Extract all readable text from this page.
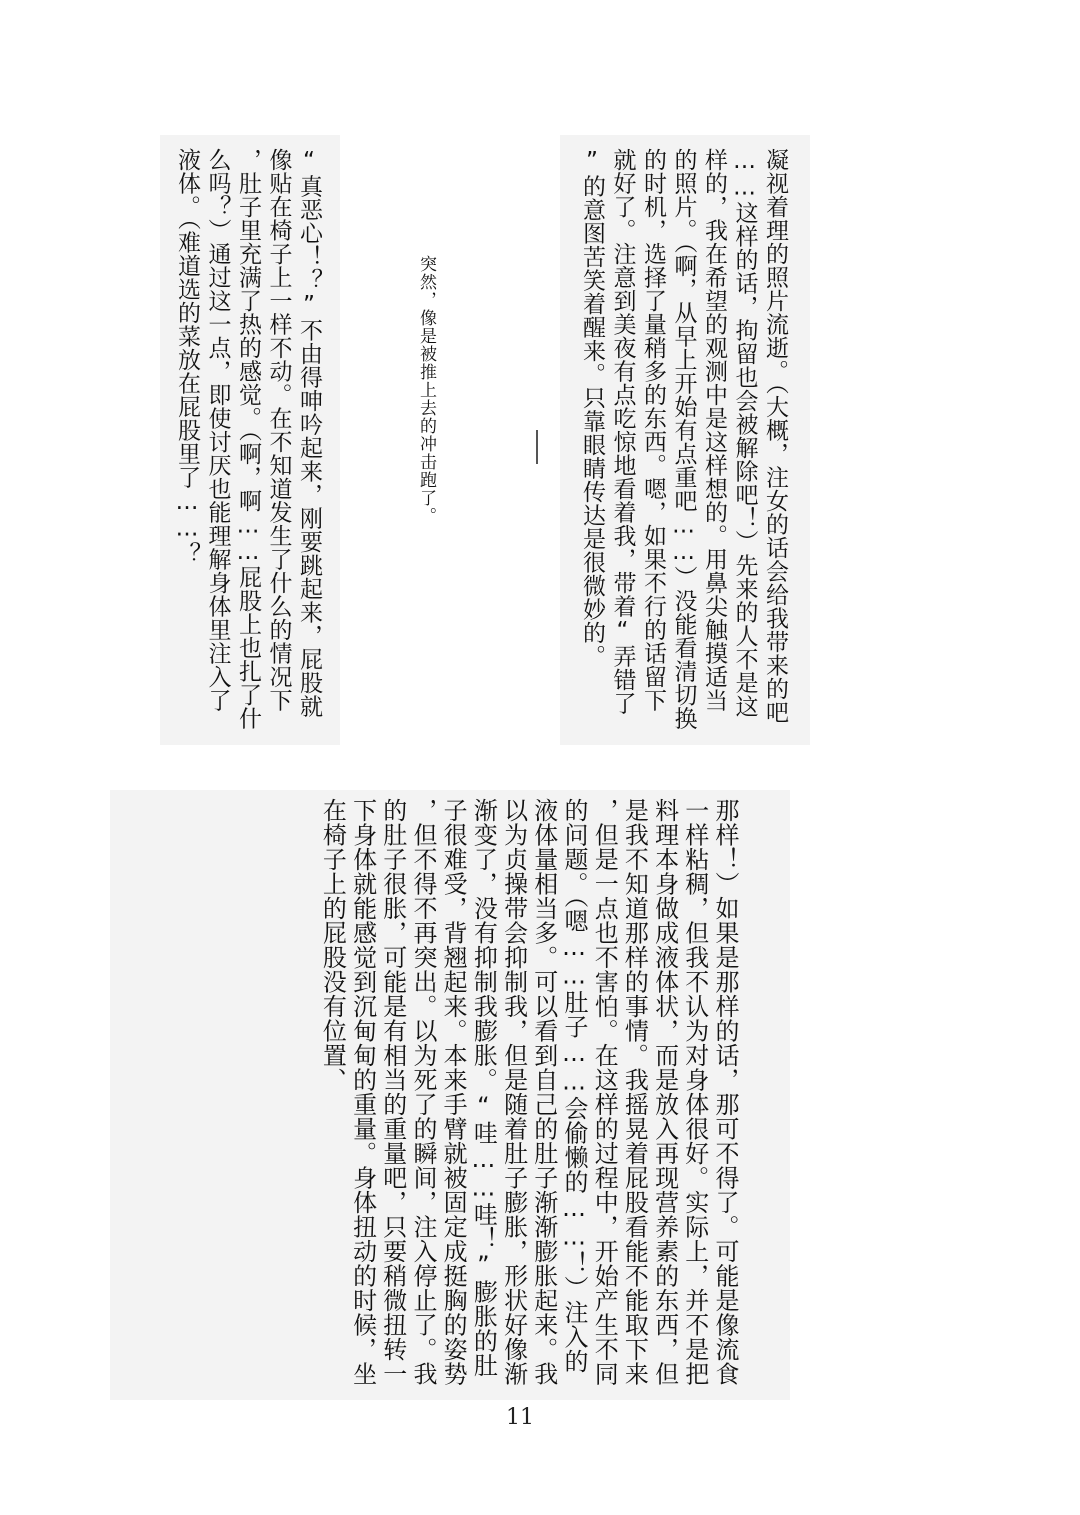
凝视着理的照片流逝。（大概，注女的话会给我带来的吧……这样的话，拘留也会被解除吧！）先来的人不是这样的，我在希望的观测中是这样想的。用鼻尖触摸适当的照片。（啊，从早上开始有点重吧……）没能看清切换的时机，选择了量稍多的东西。嗯，如果不行的话留下就好了。注意到美夜有点吃惊地看着我，带着“弄错了”的意图苦笑着醒来。只靠眼睛传达是很微妙的。

突然，像是被推上去的冲击跑了。

“真恶心！？”不由得呻吟起来，刚要跳起来，屁股就像贴在椅子上一样不动。在不知道发生了什么的情况下，肚子里充满了热的感觉。（啊，啊……屁股上也扎了什么吗？）通过这一点，即使讨厌也能理解身体里注入了液体。（难道选的菜放在屁股里了……？

那样！）如果是那样的话，那可不得了。可能是像流食一样粘稠，但我不认为对身体很好。实际上，并不是把料理本身做成液体状，而是放入再现营养素的东西，但是我不知道那样的事情。我摇晃着屁股看能不能取下来，但是一点也不害怕。在这样的过程中，开始产生不同的问题。（嗯……肚子……会偷懒的……！）注入的液体量相当多。可以看到自己的肚子渐渐膨胀起来。我以为贞操带会抑制我，但是随着肚子膨胀，形状好像渐渐变了，没有抑制我膨胀。“哇……哇！”膨胀的肚子很难受，背翘起来。本来手臂就被固定成挺胸的姿势，但不得不再突出。以为死了的瞬间，注入停止了。我的肚子很胀，可能是有相当的重量吧，只要稍微扭转一下身体就能感觉到沉甸甸的重量。身体扭动的时候，坐在椅子上的屁股没有位置、

11
